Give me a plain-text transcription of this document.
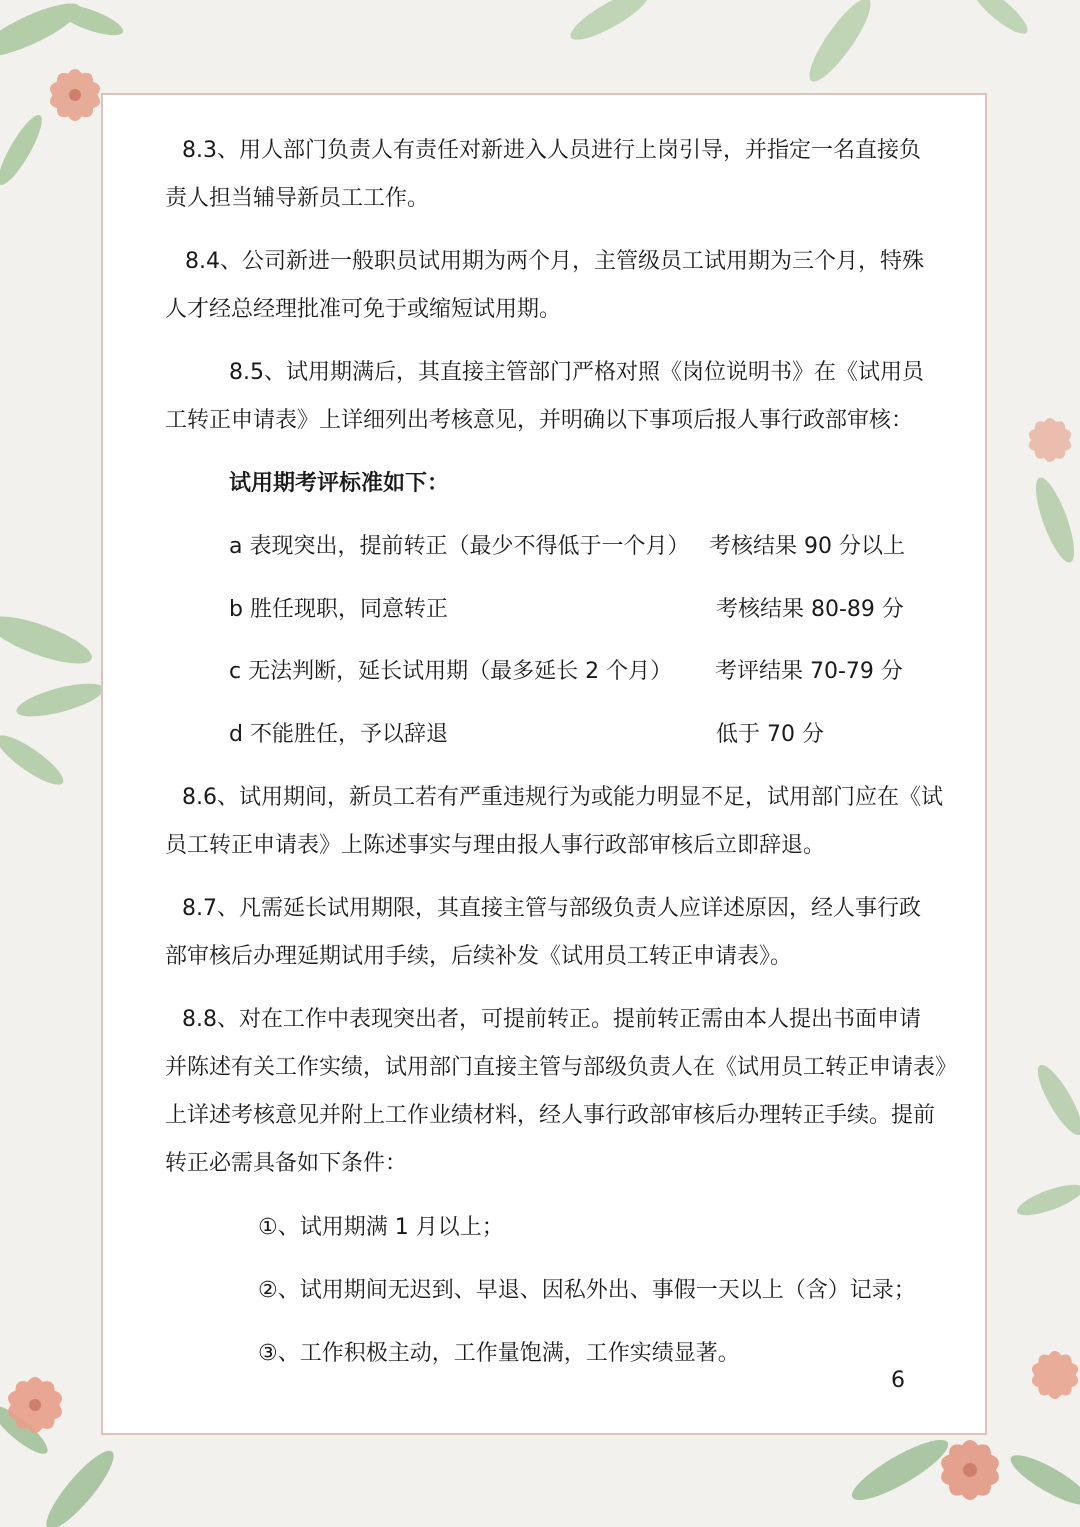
8.3、用人部门负责人有责任对新进入人员进行上岗引导，并指定一名直接负
责人担当辅导新员工工作。
8.4、公司新进一般职员试用期为两个月，主管级员工试用期为三个月，特殊
人才经总经理批准可免于或缩短试用期。
8.5、试用期满后，其直接主管部门严格对照《岗位说明书》在《试用员
工转正申请表》上详细列出考核意见，并明确以下事项后报人事行政部审核：
试用期考评标准如下：
a 表现突出，提前转正（最少不得低于一个月） 考核结果 90 分以上
b 胜任现职，同意转正	考核结果 80-89 分
c 无法判断，延长试用期（最多延长 2 个月） 考评结果 70-79 分
d 不能胜任，予以辞退	低于 70 分
8.6、试用期间，新员工若有严重违规行为或能力明显不足，试用部门应在《试
员工转正申请表》上陈述事实与理由报人事行政部审核后立即辞退。
8.7、凡需延长试用期限，其直接主管与部级负责人应详述原因，经人事行政
部审核后办理延期试用手续，后续补发《试用员工转正申请表》。
8.8、对在工作中表现突出者，可提前转正。提前转正需由本人提出书面申请
并陈述有关工作实绩，试用部门直接主管与部级负责人在《试用员工转正申请表》
上详述考核意见并附上工作业绩材料，经人事行政部审核后办理转正手续。提前
转正必需具备如下条件：
①、试用期满 1 月以上；
②、试用期间无迟到、早退、因私外出、事假一天以上（含）记录；
③、工作积极主动，工作量饱满，工作实绩显著。
6
